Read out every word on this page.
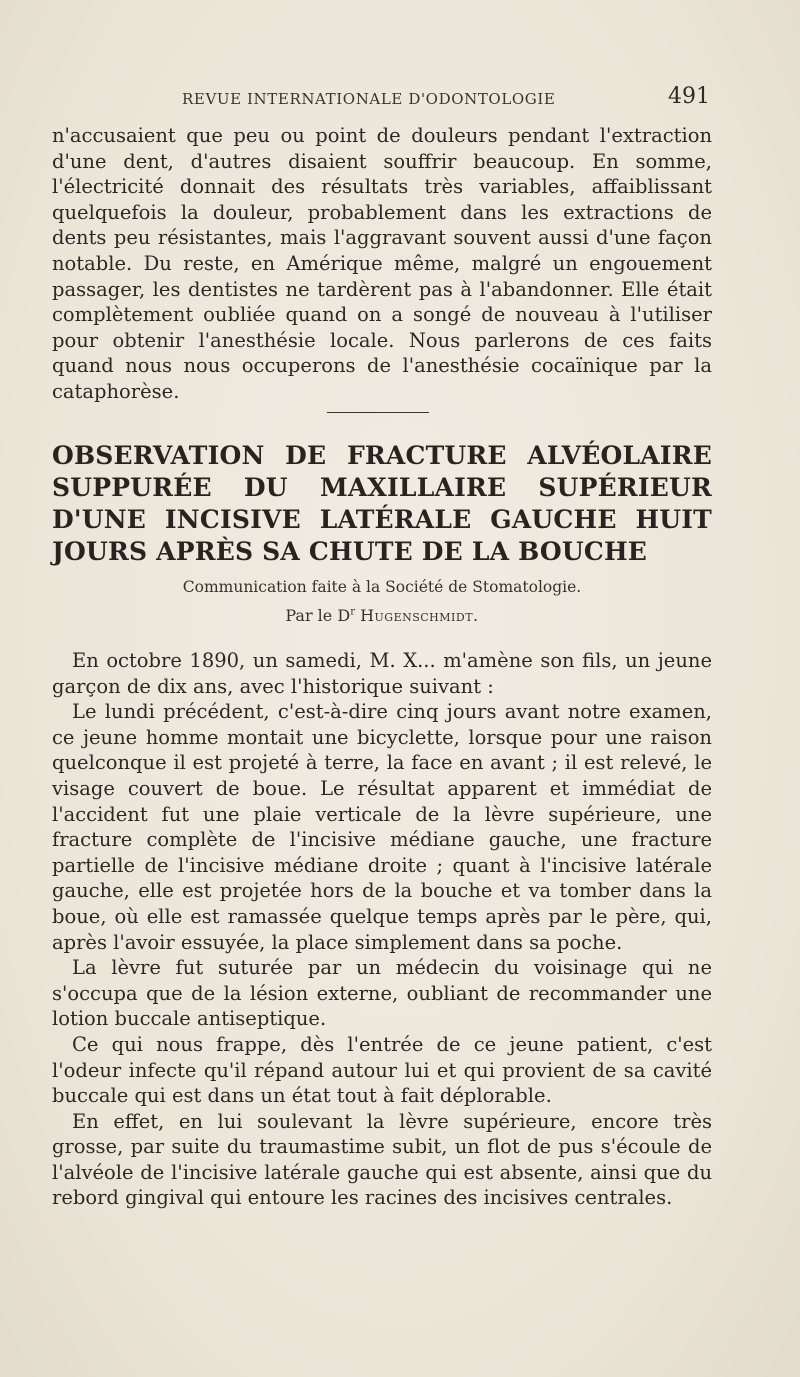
REVUE INTERNATIONALE D'ODONTOLOGIE	491
n'accusaient que peu ou point de douleurs pendant l'extraction d'une dent, d'autres disaient souffrir beaucoup. En somme, l'électricité donnait des résultats très variables, affaiblissant quelquefois la douleur, probablement dans les extractions de dents peu résistantes, mais l'aggravant souvent aussi d'une façon notable. Du reste, en Amérique même, malgré un engouement passager, les dentistes ne tardèrent pas à l'abandonner. Elle était complètement oubliée quand on a songé de nouveau à l'utiliser pour obtenir l'anesthésie locale. Nous parlerons de ces faits quand nous nous occuperons de l'anesthésie cocaïnique par la cataphorèse.
OBSERVATION DE FRACTURE ALVÉOLAIRE SUPPURÉE DU MAXILLAIRE SUPÉRIEUR D'UNE INCISIVE LATÉRALE GAUCHE HUIT JOURS APRÈS SA CHUTE DE LA BOUCHE
Communication faite à la Société de Stomatologie.
Par le $D^r$ Hugenschmidt.

En octobre 1890, un samedi, M. X... m'amène son fils, un jeune garçon de dix ans, avec l'historique suivant :

Le lundi précédent, c'est-à-dire cinq jours avant notre examen, ce jeune homme montait une bicyclette, lorsque pour une raison quelconque il est projeté à terre, la face en avant ; il est relevé, le visage couvert de boue. Le résultat apparent et immédiat de l'accident fut une plaie verticale de la lèvre supérieure, une fracture complète de l'incisive médiane gauche, une fracture partielle de l'incisive médiane droite ; quant à l'incisive latérale gauche, elle est projetée hors de la bouche et va tomber dans la boue, où elle est ramassée quelque temps après par le père, qui, après l'avoir essuyée, la place simplement dans sa poche.

La lèvre fut suturée par un médecin du voisinage qui ne s'occupa que de la lésion externe, oubliant de recommander une lotion buccale antiseptique.

Ce qui nous frappe, dès l'entrée de ce jeune patient, c'est l'odeur infecte qu'il répand autour lui et qui provient de sa cavité buccale qui est dans un état tout à fait déplorable.

En effet, en lui soulevant la lèvre supérieure, encore très grosse, par suite du traumastime subit, un flot de pus s'écoule de l'alvéole de l'incisive latérale gauche qui est absente, ainsi que du rebord gingival qui entoure les racines des incisives centrales.
